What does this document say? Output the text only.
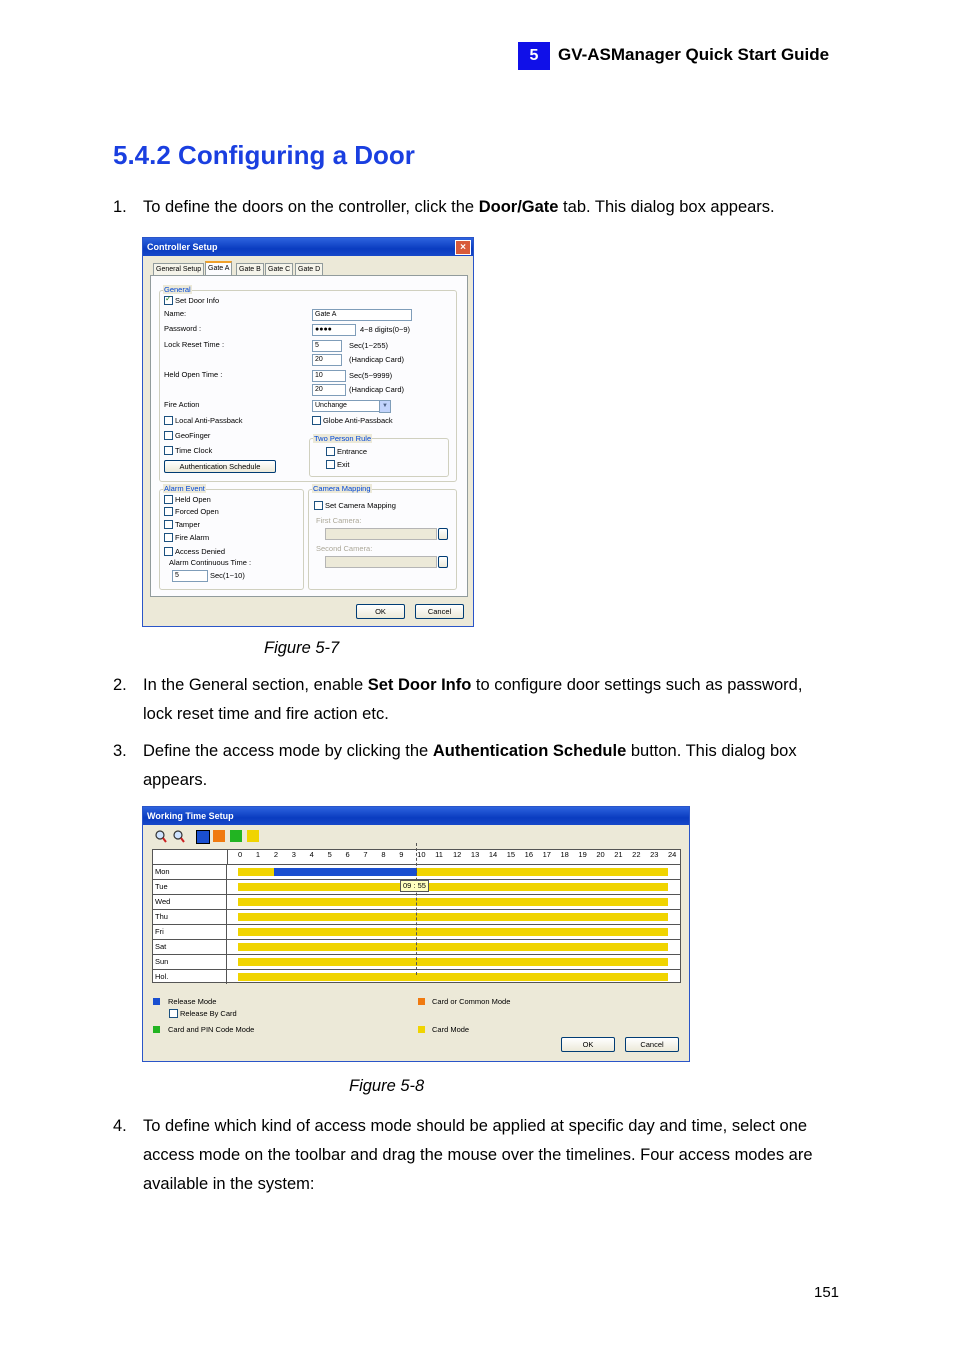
5	GV-ASManager Quick Start Guide
5.4.2 Configuring a Door
1. To define the doors on the controller, click the Door/Gate tab. This dialog box appears.
Controller Setup	×
General Setup Gate A	Gate B	Gate C	Gate D
General
✓
Set Door Info
Name:	Gate A
Password :	●●●●	4~8 digits(0~9)
Lock Reset Time :	5	Sec(1~255)
20	(Handicap Card)
Held Open Time :	10	Sec(5~9999)
20	(Handicap Card)
Fire Action	Unchange	▼
Local Anti-Passback	Globe Anti-Passback
GeoFinger
Time Clock
Authentication Schedule
Two Person Rule
Entrance
Exit
Alarm Event
Held Open
Forced Open
Tamper
Fire Alarm
Access Denied
Alarm Continuous Time :
5	Sec(1~10)
Camera Mapping
Set Camera Mapping
First Camera:
Second Camera:
OK	Cancel
Figure 5-7
2. In the General section, enable Set Door Info to configure door settings such as password, lock reset time and fire action etc.
3. Define the access mode by clicking the Authentication Schedule button. This dialog box appears.
Working Time Setup
0 1 2 3 4 5 6 7 8 9 10 11 12 13 14 15 16 17 18 19 20 21 22 23 24
Mon
Tue
Wed
Thu
Fri
Sat
Sun
Hol.
09 : 55
Release Mode
Release By Card
Card and PIN Code Mode
Card or Common Mode
Card Mode
OK	Cancel
Figure 5-8
4. To define which kind of access mode should be applied at specific day and time, select one access mode on the toolbar and drag the mouse over the timelines. Four access modes are available in the system:
151
